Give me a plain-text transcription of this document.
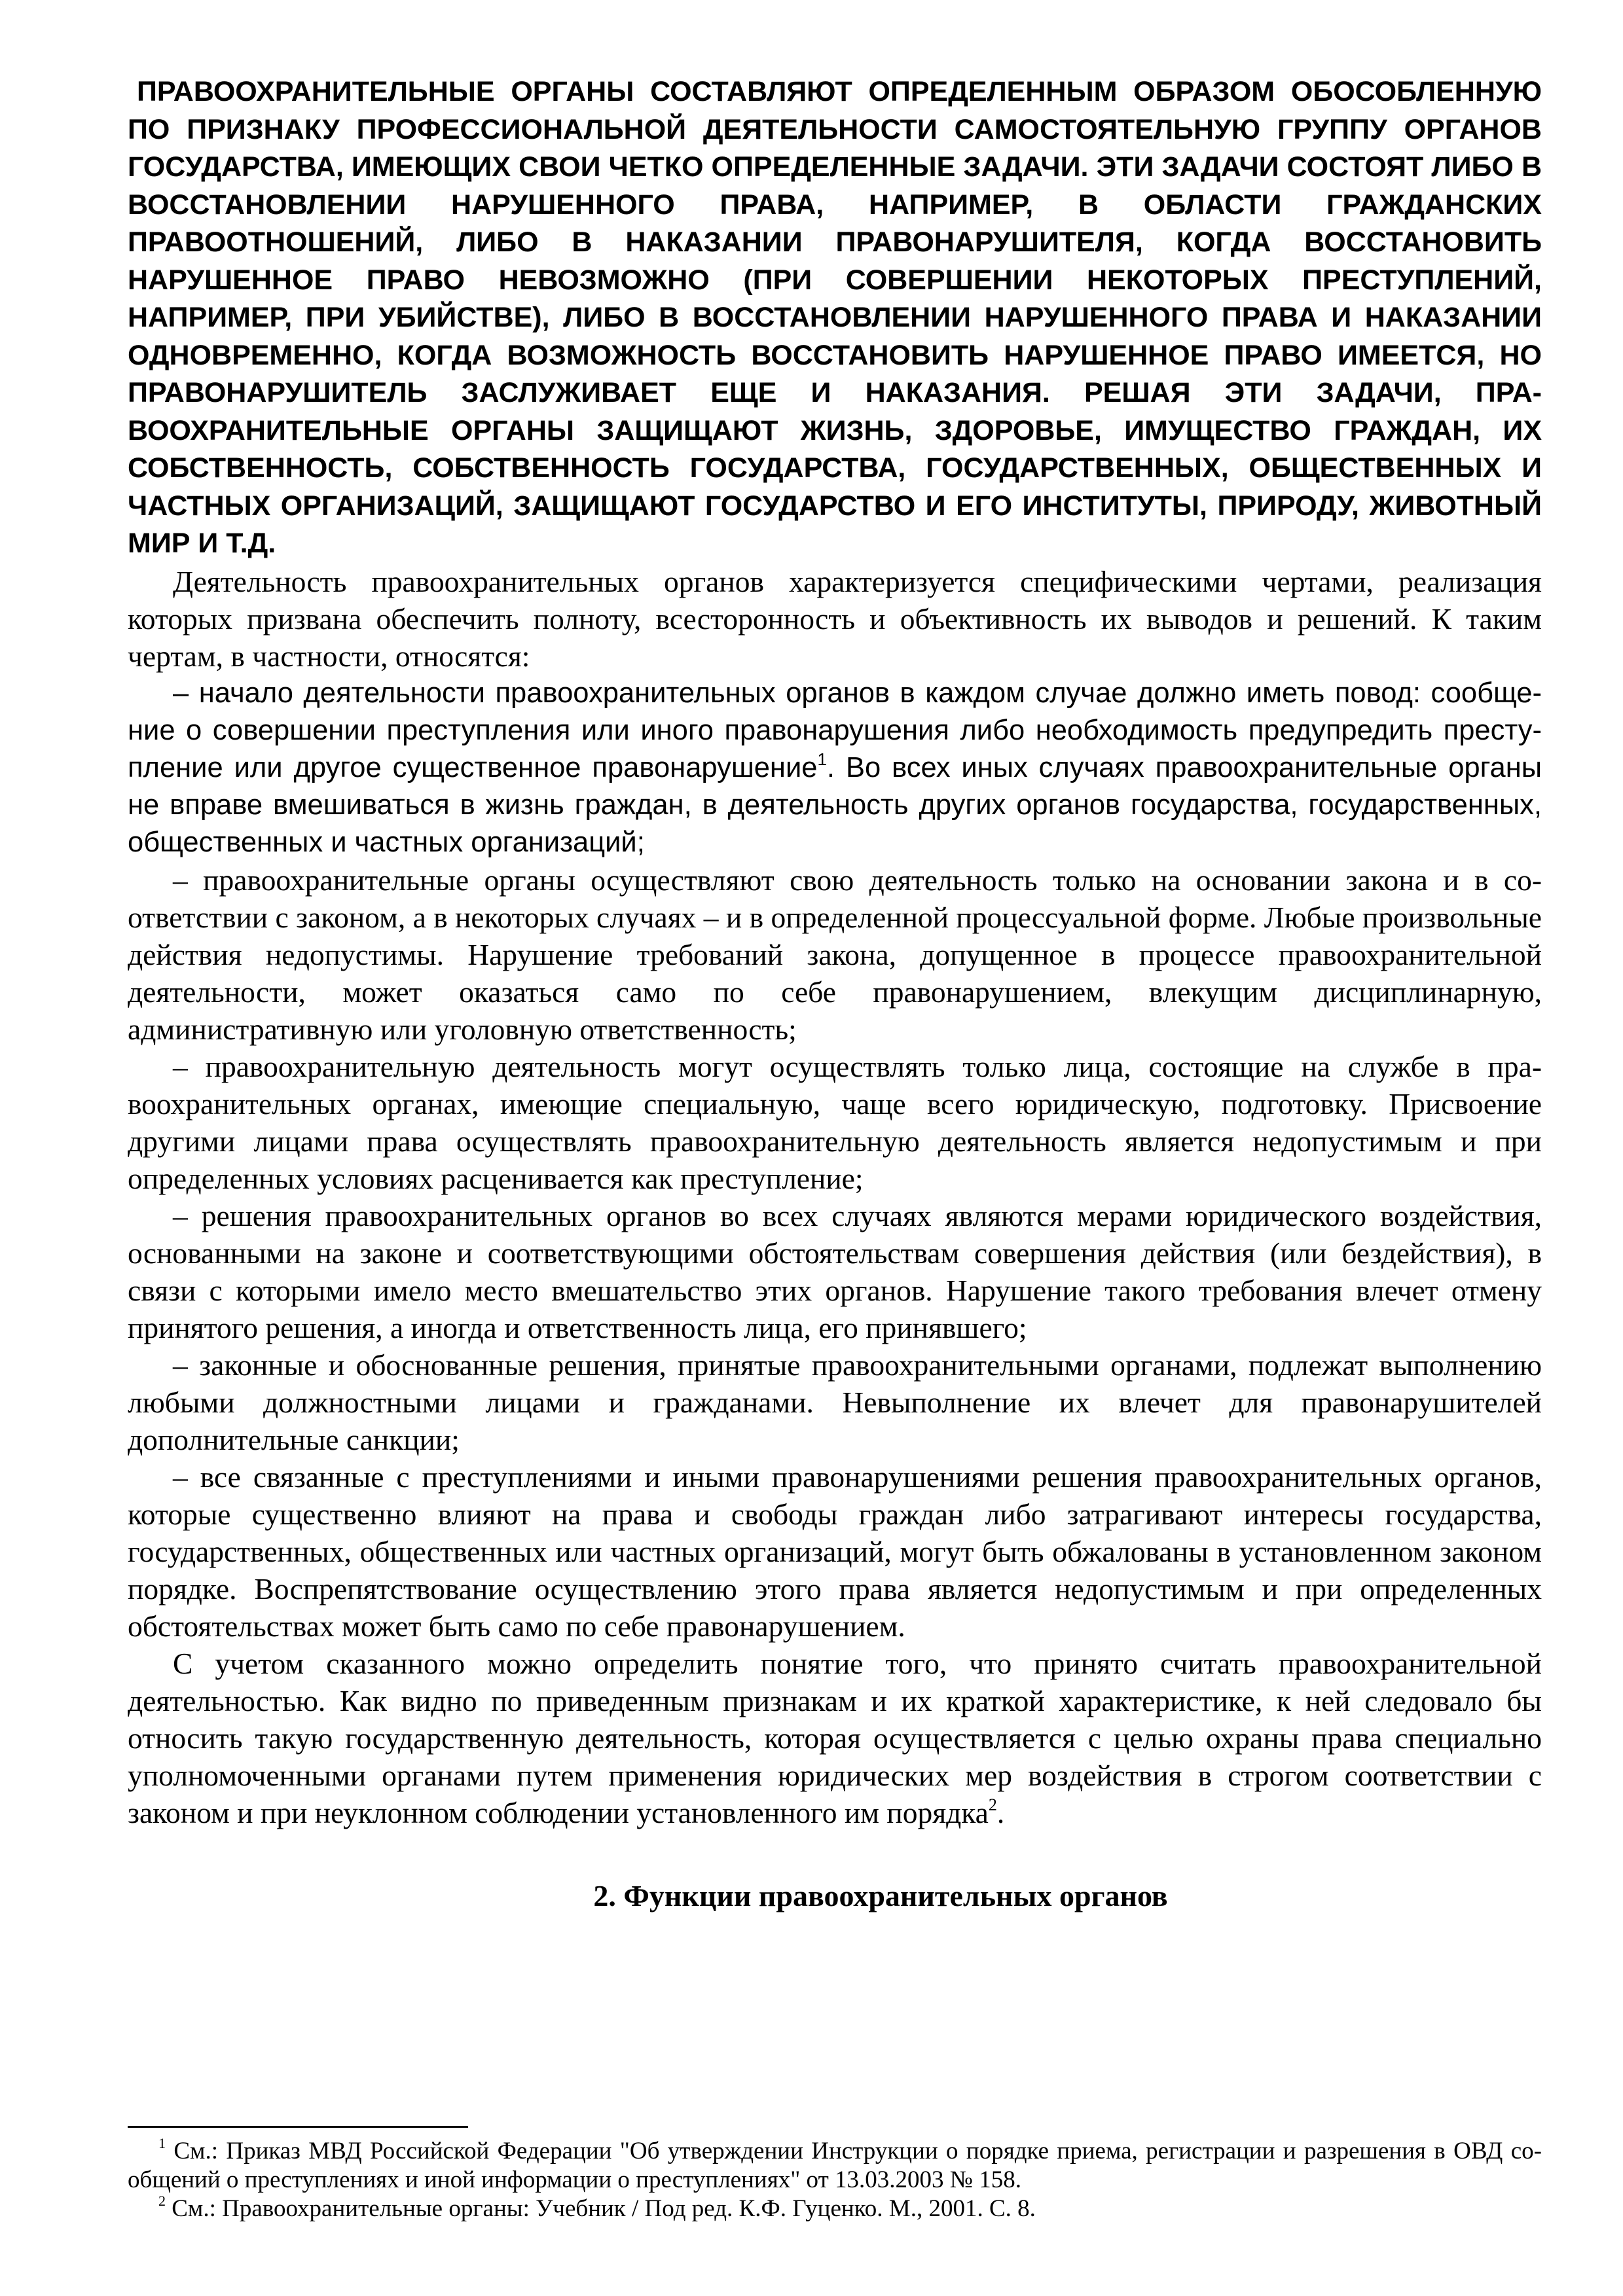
ПРАВООХРАНИТЕЛЬНЫЕ ОРГАНЫ СОСТАВЛЯЮТ ОПРЕДЕЛЕННЫМ ОБРАЗОМ ОБОСОБЛЕННУЮ ПО ПРИЗНАКУ ПРОФЕССИОНАЛЬНОЙ ДЕЯТЕЛЬНОСТИ САМОСТОЯТЕЛЬНУЮ ГРУППУ ОРГАНОВ ГОСУДАРСТВА, ИМЕЮЩИХ СВОИ ЧЕТКО ОПРЕДЕЛЕННЫЕ ЗАДАЧИ. ЭТИ ЗАДАЧИ СОСТОЯТ ЛИБО В ВОССТАНОВЛЕНИИ НАРУШЕННОГО ПРАВА, НАПРИМЕР, В ОБЛАСТИ ГРАЖДАНСКИХ ПРАВООТНОШЕНИЙ, ЛИБО В НАКАЗАНИИ ПРАВОНАРУШИТЕЛЯ, КОГДА ВОССТАНОВИТЬ НАРУШЕННОЕ ПРАВО НЕВОЗМОЖНО (ПРИ СОВЕРШЕНИИ НЕКОТОРЫХ ПРЕСТУПЛЕНИЙ, НАПРИМЕР, ПРИ УБИЙСТВЕ), ЛИБО В ВОССТАНОВЛЕНИИ НАРУШЕННОГО ПРАВА И НАКАЗАНИИ ОДНОВРЕМЕННО, КОГДА ВОЗМОЖНОСТЬ ВОССТАНОВИТЬ НАРУШЕННОЕ ПРАВО ИМЕЕТСЯ, НО ПРАВОНАРУШИТЕЛЬ ЗАСЛУЖИВАЕТ ЕЩЕ И НАКАЗАНИЯ. РЕШАЯ ЭТИ ЗАДАЧИ, ПРАВООХРАНИТЕЛЬНЫЕ ОРГАНЫ ЗАЩИЩАЮТ ЖИЗНЬ, ЗДОРОВЬЕ, ИМУЩЕСТВО ГРАЖДАН, ИХ СОБСТВЕННОСТЬ, СОБСТВЕННОСТЬ ГОСУДАРСТВА, ГОСУДАРСТВЕННЫХ, ОБЩЕСТВЕННЫХ И ЧАСТНЫХ ОРГАНИЗАЦИЙ, ЗАЩИЩАЮТ ГОСУДАРСТВО И ЕГО ИНСТИТУТЫ, ПРИРОДУ, ЖИВОТНЫЙ МИР И Т.Д.

Деятельность правоохранительных органов характеризуется специфическими чертами, реализация которых призвана обеспечить полноту, всесторонность и объективность их выводов и решений. К таким чертам, в частности, относятся:

– начало деятельности правоохранительных органов в каждом случае должно иметь повод: сообщение о совершении преступления или иного правонарушения либо необходимость предупредить преступление или другое существенное правонарушение$^1$. Во всех иных случаях правоохранительные органы не вправе вмешиваться в жизнь граждан, в деятельность других органов государства, государственных, общественных и частных организаций;

– правоохранительные органы осуществляют свою деятельность только на основании закона и в соответствии с законом, а в некоторых случаях – и в определенной процессуальной форме. Любые произвольные действия недопустимы. Нарушение требований закона, допущенное в процессе правоохранительной деятельности, может оказаться само по себе правонарушением, влекущим дисциплинарную, административную или уголовную ответственность;

– правоохранительную деятельность могут осуществлять только лица, состоящие на службе в правоохранительных органах, имеющие специальную, чаще всего юридическую, подготовку. Присвоение другими лицами права осуществлять правоохранительную деятельность является недопустимым и при определенных условиях расценивается как преступление;

– решения правоохранительных органов во всех случаях являются мерами юридического воздействия, основанными на законе и соответствующими обстоятельствам совершения действия (или бездействия), в связи с которыми имело место вмешательство этих органов. Нарушение такого требования влечет отмену принятого решения, а иногда и ответственность лица, его принявшего;

– законные и обоснованные решения, принятые правоохранительными органами, подлежат выполнению любыми должностными лицами и гражданами. Невыполнение их влечет для правонарушителей дополнительные санкции;

– все связанные с преступлениями и иными правонарушениями решения правоохранительных органов, которые существенно влияют на права и свободы граждан либо затрагивают интересы государства, государственных, общественных или частных организаций, могут быть обжалованы в установленном законом порядке. Воспрепятствование осуществлению этого права является недопустимым и при определенных обстоятельствах может быть само по себе правонарушением.

С учетом сказанного можно определить понятие того, что принято считать правоохранительной деятельностью. Как видно по приведенным признакам и их краткой характеристике, к ней следовало бы относить такую государственную деятельность, которая осуществляется с целью охраны права специально уполномоченными органами путем применения юридических мер воздействия в строгом соответствии с законом и при неуклонном соблюдении установленного им порядка$^2$.

2. Функции правоохранительных органов

$^1$ См.: Приказ МВД Российской Федерации "Об утверждении Инструкции о порядке приема, регистрации и разрешения в ОВД сообщений о преступлениях и иной информации о преступлениях" от 13.03.2003 № 158.

$^2$ См.: Правоохранительные органы: Учебник / Под ред. К.Ф. Гуценко. М., 2001. С. 8.
